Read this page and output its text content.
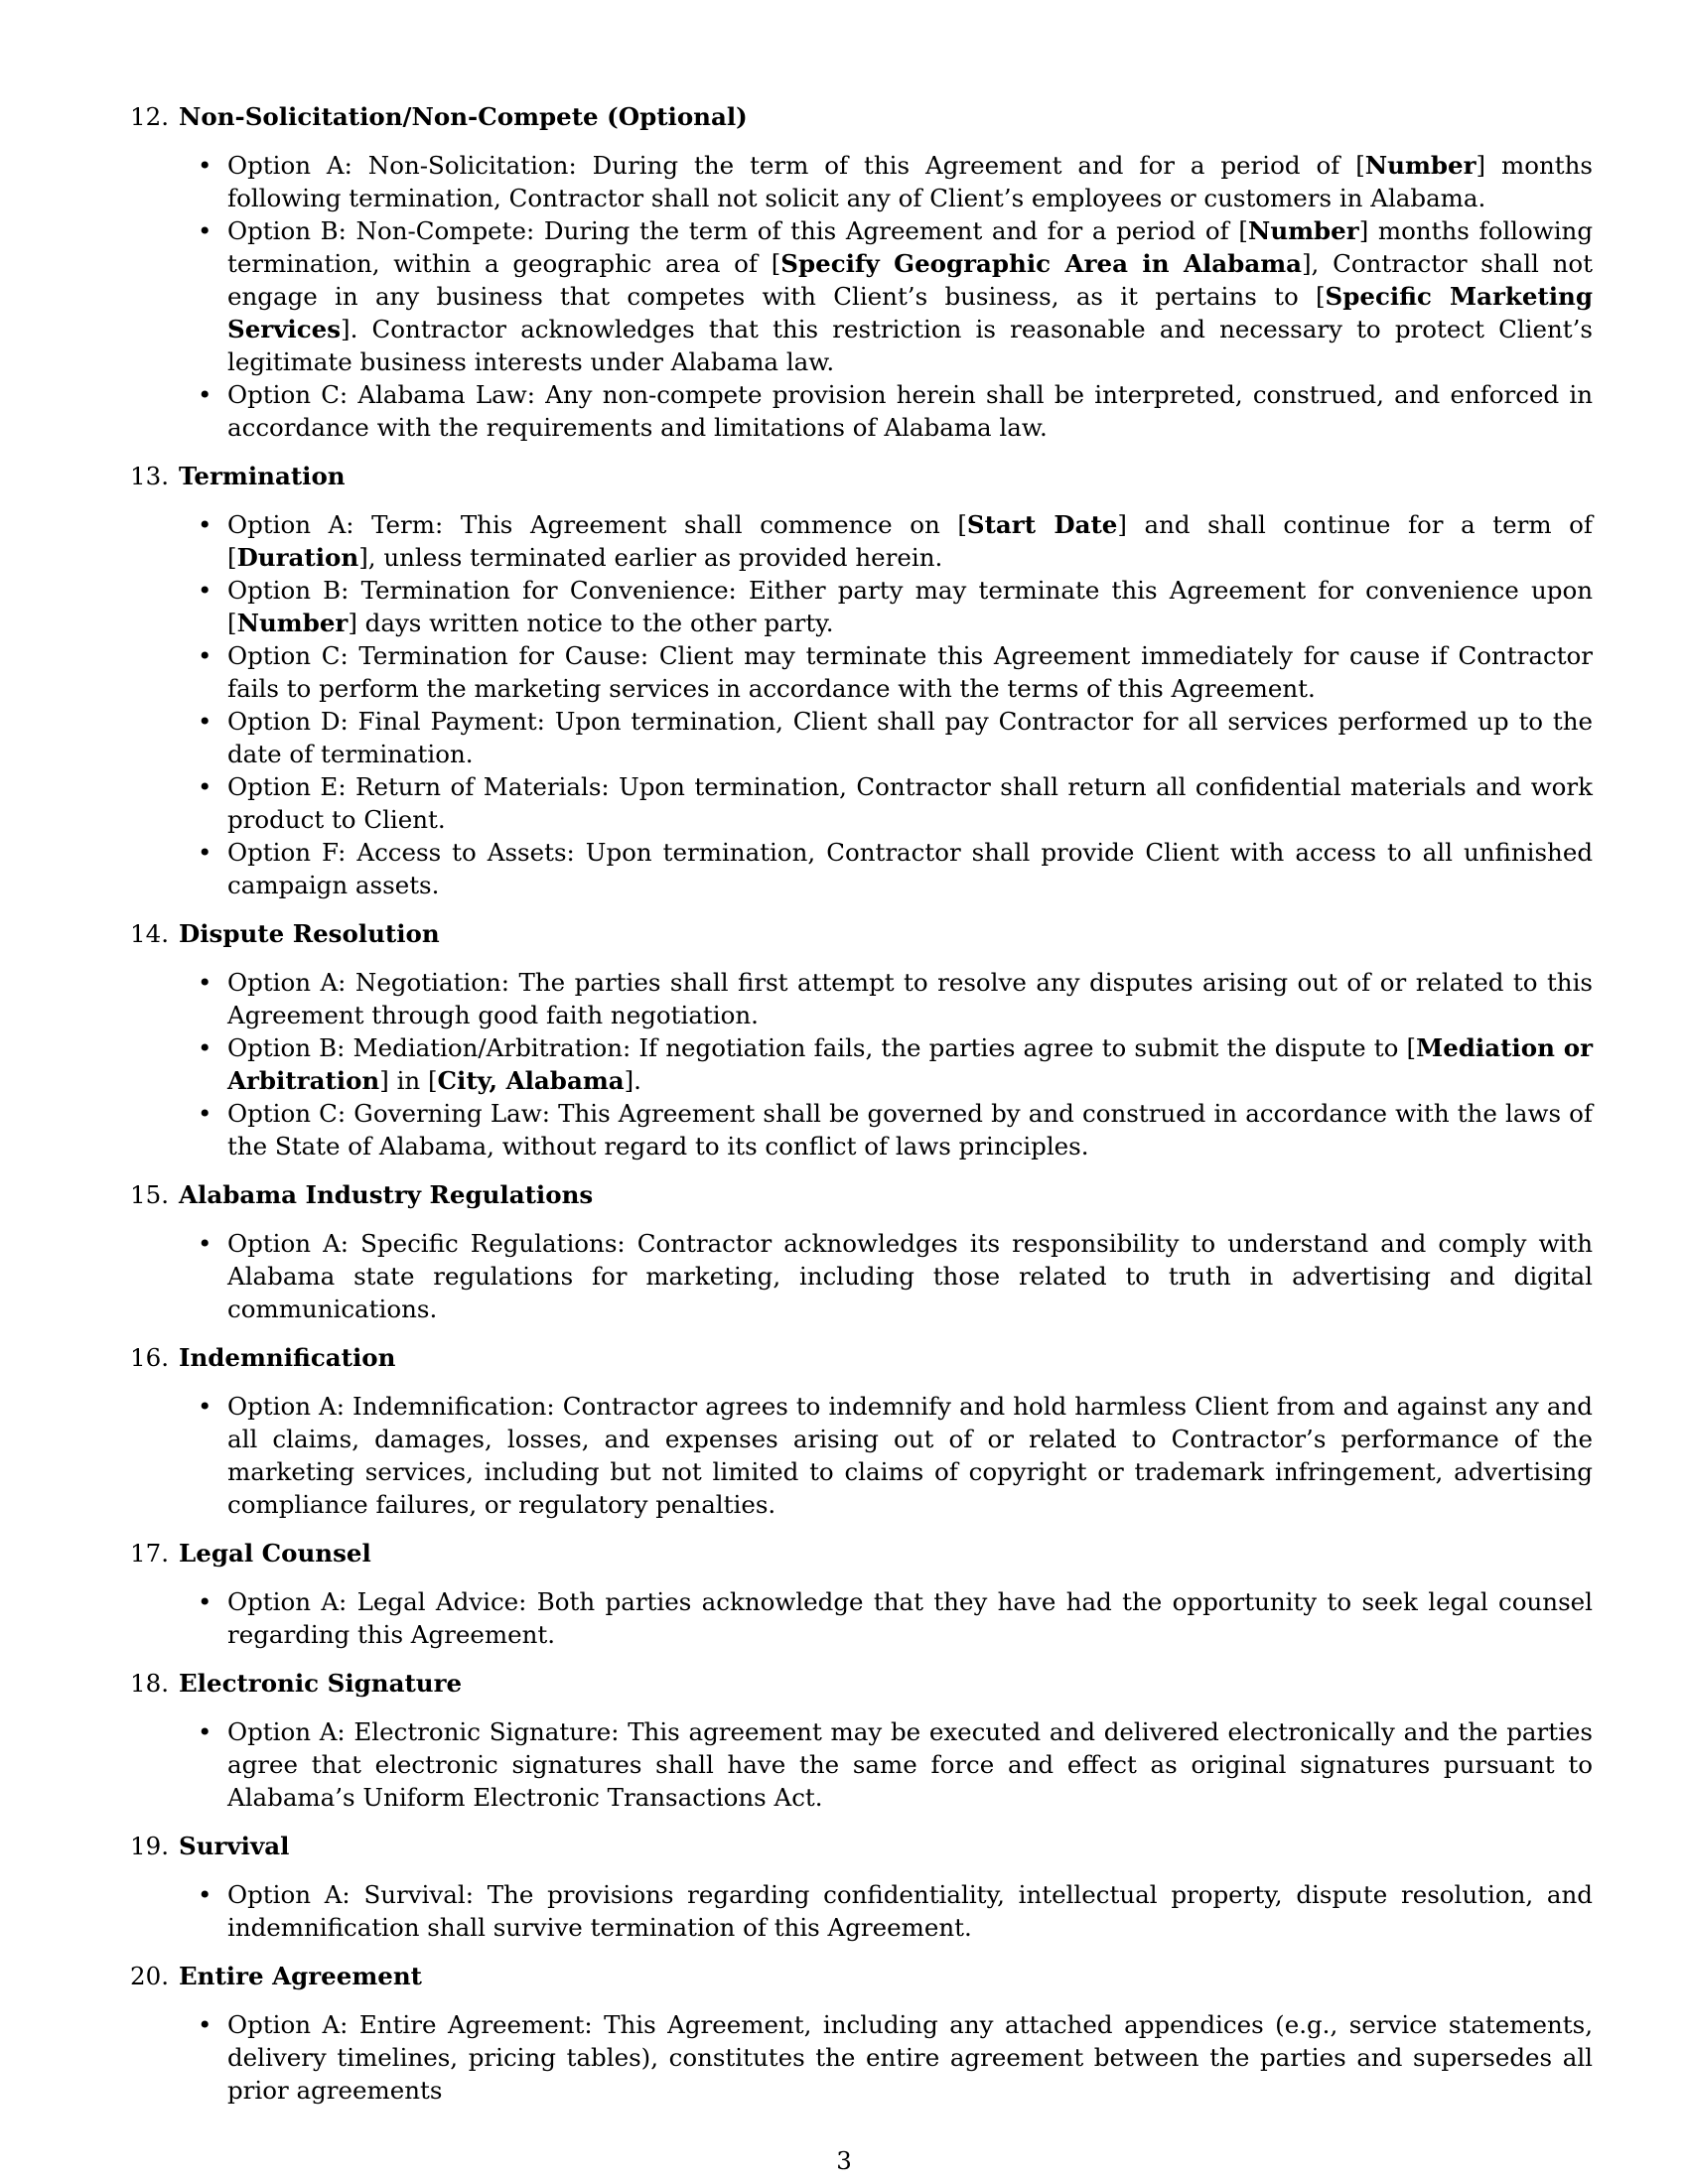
12. Non-Solicitation/Non-Compete (Optional)
• Option A: Non-Solicitation: During the term of this Agreement and for a period of [Number] months following termination, Contractor shall not solicit any of Client’s employees or customers in Alabama.
• Option B: Non-Compete: During the term of this Agreement and for a period of [Number] months following termination, within a geographic area of [Specify Geographic Area in Alabama], Contractor shall not engage in any business that competes with Client’s business, as it pertains to [Specific Marketing Services]. Contractor acknowledges that this restriction is reasonable and necessary to protect Client’s legitimate business interests under Alabama law.
• Option C: Alabama Law: Any non-compete provision herein shall be interpreted, construed, and enforced in accordance with the requirements and limitations of Alabama law.
13. Termination
• Option A: Term: This Agreement shall commence on [Start Date] and shall continue for a term of [Duration], unless terminated earlier as provided herein.
• Option B: Termination for Convenience: Either party may terminate this Agreement for convenience upon [Number] days written notice to the other party.
• Option C: Termination for Cause: Client may terminate this Agreement immediately for cause if Contractor fails to perform the marketing services in accordance with the terms of this Agreement.
• Option D: Final Payment: Upon termination, Client shall pay Contractor for all services performed up to the date of termination.
• Option E: Return of Materials: Upon termination, Contractor shall return all confidential materials and work product to Client.
• Option F: Access to Assets: Upon termination, Contractor shall provide Client with access to all unfinished campaign assets.
14. Dispute Resolution
• Option A: Negotiation: The parties shall first attempt to resolve any disputes arising out of or related to this Agreement through good faith negotiation.
• Option B: Mediation/Arbitration: If negotiation fails, the parties agree to submit the dispute to [Mediation or Arbitration] in [City, Alabama].
• Option C: Governing Law: This Agreement shall be governed by and construed in accordance with the laws of the State of Alabama, without regard to its conflict of laws principles.
15. Alabama Industry Regulations
• Option A: Specific Regulations: Contractor acknowledges its responsibility to understand and comply with Alabama state regulations for marketing, including those related to truth in advertising and digital communications.
16. Indemnification
• Option A: Indemnification: Contractor agrees to indemnify and hold harmless Client from and against any and all claims, damages, losses, and expenses arising out of or related to Contractor’s performance of the marketing services, including but not limited to claims of copyright or trademark infringement, advertising compliance failures, or regulatory penalties.
17. Legal Counsel
• Option A: Legal Advice: Both parties acknowledge that they have had the opportunity to seek legal counsel regarding this Agreement.
18. Electronic Signature
• Option A: Electronic Signature: This agreement may be executed and delivered electronically and the parties agree that electronic signatures shall have the same force and effect as original signatures pursuant to Alabama’s Uniform Electronic Transactions Act.
19. Survival
• Option A: Survival: The provisions regarding confidentiality, intellectual property, dispute resolution, and indemnification shall survive termination of this Agreement.
20. Entire Agreement
• Option A: Entire Agreement: This Agreement, including any attached appendices (e.g., service statements, delivery timelines, pricing tables), constitutes the entire agreement between the parties and supersedes all prior agreements
3
